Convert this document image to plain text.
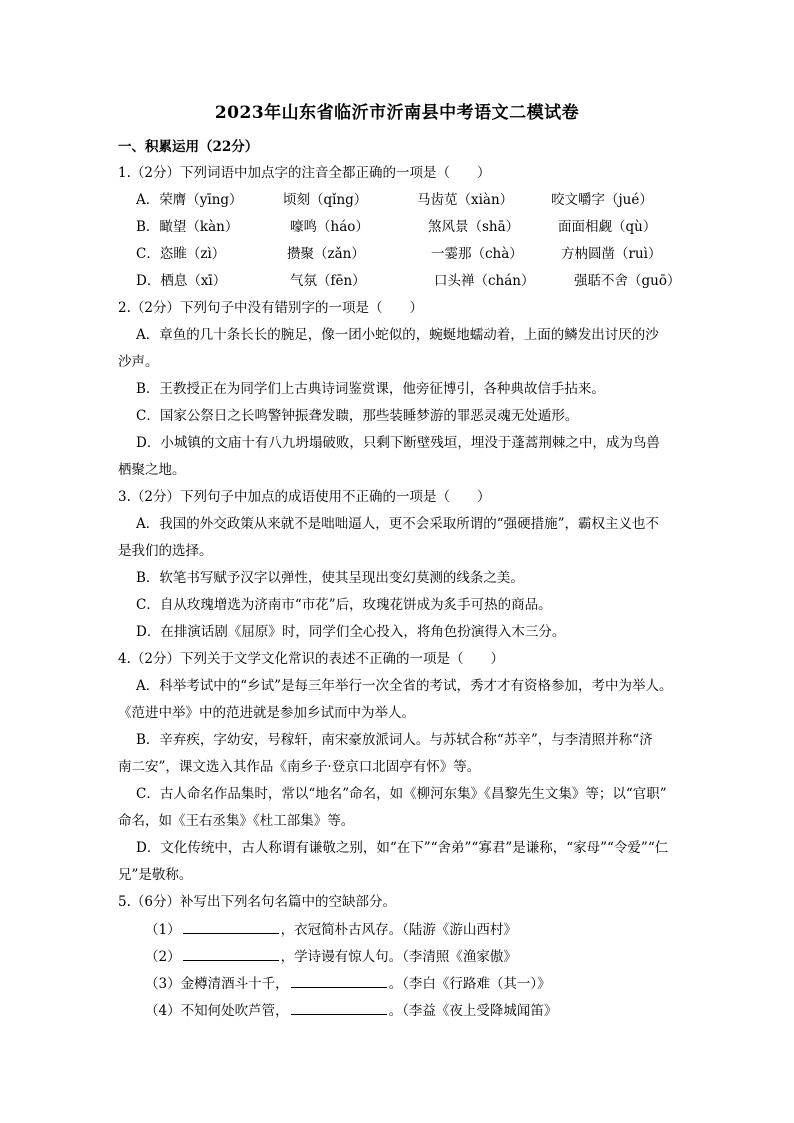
2023年山东省临沂市沂南县中考语文二模试卷
一、积累运用（22分）
1.（2分）下列词语中加点字的注音全都正确的一项是（　　）
A．荣膺（yīng）	顷刻（qǐng）	马齿苋（xiàn）	咬文嚼字（jué）
B．瞰望（kàn）	嚎鸣（háo）	煞风景（shā）	面面相觑（qù）
C．恣睢（zì）	攒聚（zǎn）	一霎那（chà）	方枘圆凿（ruì）
D．栖息（xī）	气氛（fēn）	口头禅（chán）	强聒不舍（guō）
2.（2分）下列句子中没有错别字的一项是（　　）
A．章鱼的几十条长长的腕足，像一团小蛇似的，蜿蜒地蠕动着，上面的鳞发出讨厌的沙
沙声。
B．王教授正在为同学们上古典诗词鉴赏课，他旁征博引，各种典故信手拈来。
C．国家公祭日之长鸣警钟振聋发聩，那些装睡梦游的罪恶灵魂无处遁形。
D．小城镇的文庙十有八九坍塌破败，只剩下断壁残垣，埋没于蓬蒿荆棘之中，成为鸟兽
栖聚之地。
3.（2分）下列句子中加点的成语使用不正确的一项是（　　）
A．我国的外交政策从来就不是咄咄逼人，更不会采取所谓的“强硬措施”，霸权主义也不
是我们的选择。
B．软笔书写赋予汉字以弹性，使其呈现出变幻莫测的线条之美。
C．自从玫瑰增选为济南市“市花”后，玫瑰花饼成为炙手可热的商品。
D．在排演话剧《屈原》时，同学们全心投入，将角色扮演得入木三分。
4.（2分）下列关于文学文化常识的表述不正确的一项是（　　）
A．科举考试中的“乡试”是每三年举行一次全省的考试，秀才才有资格参加，考中为举人。
《范进中举》中的范进就是参加乡试而中为举人。
B．辛弃疾，字幼安，号稼轩，南宋豪放派词人。与苏轼合称“苏辛”，与李清照并称“济
南二安”，课文选入其作品《南乡子·登京口北固亭有怀》等。
C．古人命名作品集时，常以“地名”命名，如《柳河东集》《昌黎先生文集》等；以“官职”
命名，如《王右丞集》《杜工部集》等。
D．文化传统中，古人称谓有谦敬之别，如“在下”“舍弟”“寡君”是谦称，“家母”“令爱”“仁
兄”是敬称。
5.（6分）补写出下列名句名篇中的空缺部分。
（1）	，衣冠简朴古风存。（陆游《游山西村》
（2）	，学诗谩有惊人句。（李清照《渔家傲》
（3）金樽清酒斗十千，	。（李白《行路难（其一）》
（4）不知何处吹芦管，	。（李益《夜上受降城闻笛》
